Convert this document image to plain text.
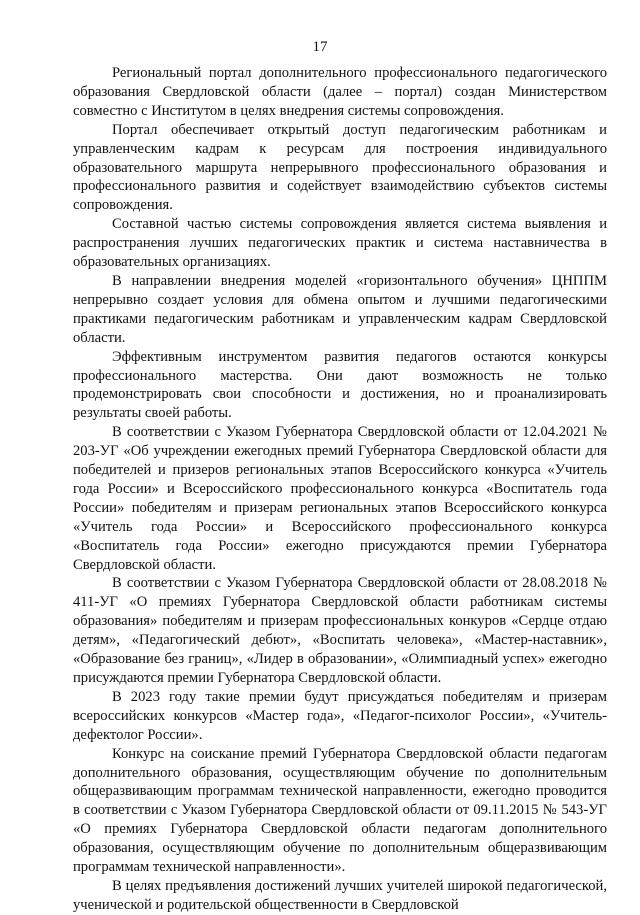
17

Региональный портал дополнительного профессионального педагогического образования Свердловской области (далее – портал) создан Министерством совместно с Институтом в целях внедрения системы сопровождения.

Портал обеспечивает открытый доступ педагогическим работникам и управленческим кадрам к ресурсам для построения индивидуального образовательного маршрута непрерывного профессионального образования и профессионального развития и содействует взаимодействию субъектов системы сопровождения.

Составной частью системы сопровождения является система выявления и распространения лучших педагогических практик и система наставничества в образовательных организациях.

В направлении внедрения моделей «горизонтального обучения» ЦНППМ непрерывно создает условия для обмена опытом и лучшими педагогическими практиками педагогическим работникам и управленческим кадрам Свердловской области.

Эффективным инструментом развития педагогов остаются конкурсы профессионального мастерства. Они дают возможность не только продемонстрировать свои способности и достижения, но и проанализировать результаты своей работы.

В соответствии с Указом Губернатора Свердловской области от 12.04.2021 № 203-УГ «Об учреждении ежегодных премий Губернатора Свердловской области для победителей и призеров региональных этапов Всероссийского конкурса «Учитель года России» и Всероссийского профессионального конкурса «Воспитатель года России» победителям и призерам региональных этапов Всероссийского конкурса «Учитель года России» и Всероссийского профессионального конкурса «Воспитатель года России» ежегодно присуждаются премии Губернатора Свердловской области.

В соответствии с Указом Губернатора Свердловской области от 28.08.2018 № 411-УГ «О премиях Губернатора Свердловской области работникам системы образования» победителям и призерам профессиональных конкуров «Сердце отдаю детям», «Педагогический дебют», «Воспитать человека», «Мастер-наставник», «Образование без границ», «Лидер в образовании», «Олимпиадный успех» ежегодно присуждаются премии Губернатора Свердловской области.

В 2023 году такие премии будут присуждаться победителям и призерам всероссийских конкурсов «Мастер года», «Педагог-психолог России», «Учитель-дефектолог России».

Конкурс на соискание премий Губернатора Свердловской области педагогам дополнительного образования, осуществляющим обучение по дополнительным общеразвивающим программам технической направленности, ежегодно проводится в соответствии с Указом Губернатора Свердловской области от 09.11.2015 № 543-УГ «О премиях Губернатора Свердловской области педагогам дополнительного образования, осуществляющим обучение по дополнительным общеразвивающим программам технической направленности».

В целях предъявления достижений лучших учителей широкой педагогической, ученической и родительской общественности в Свердловской
